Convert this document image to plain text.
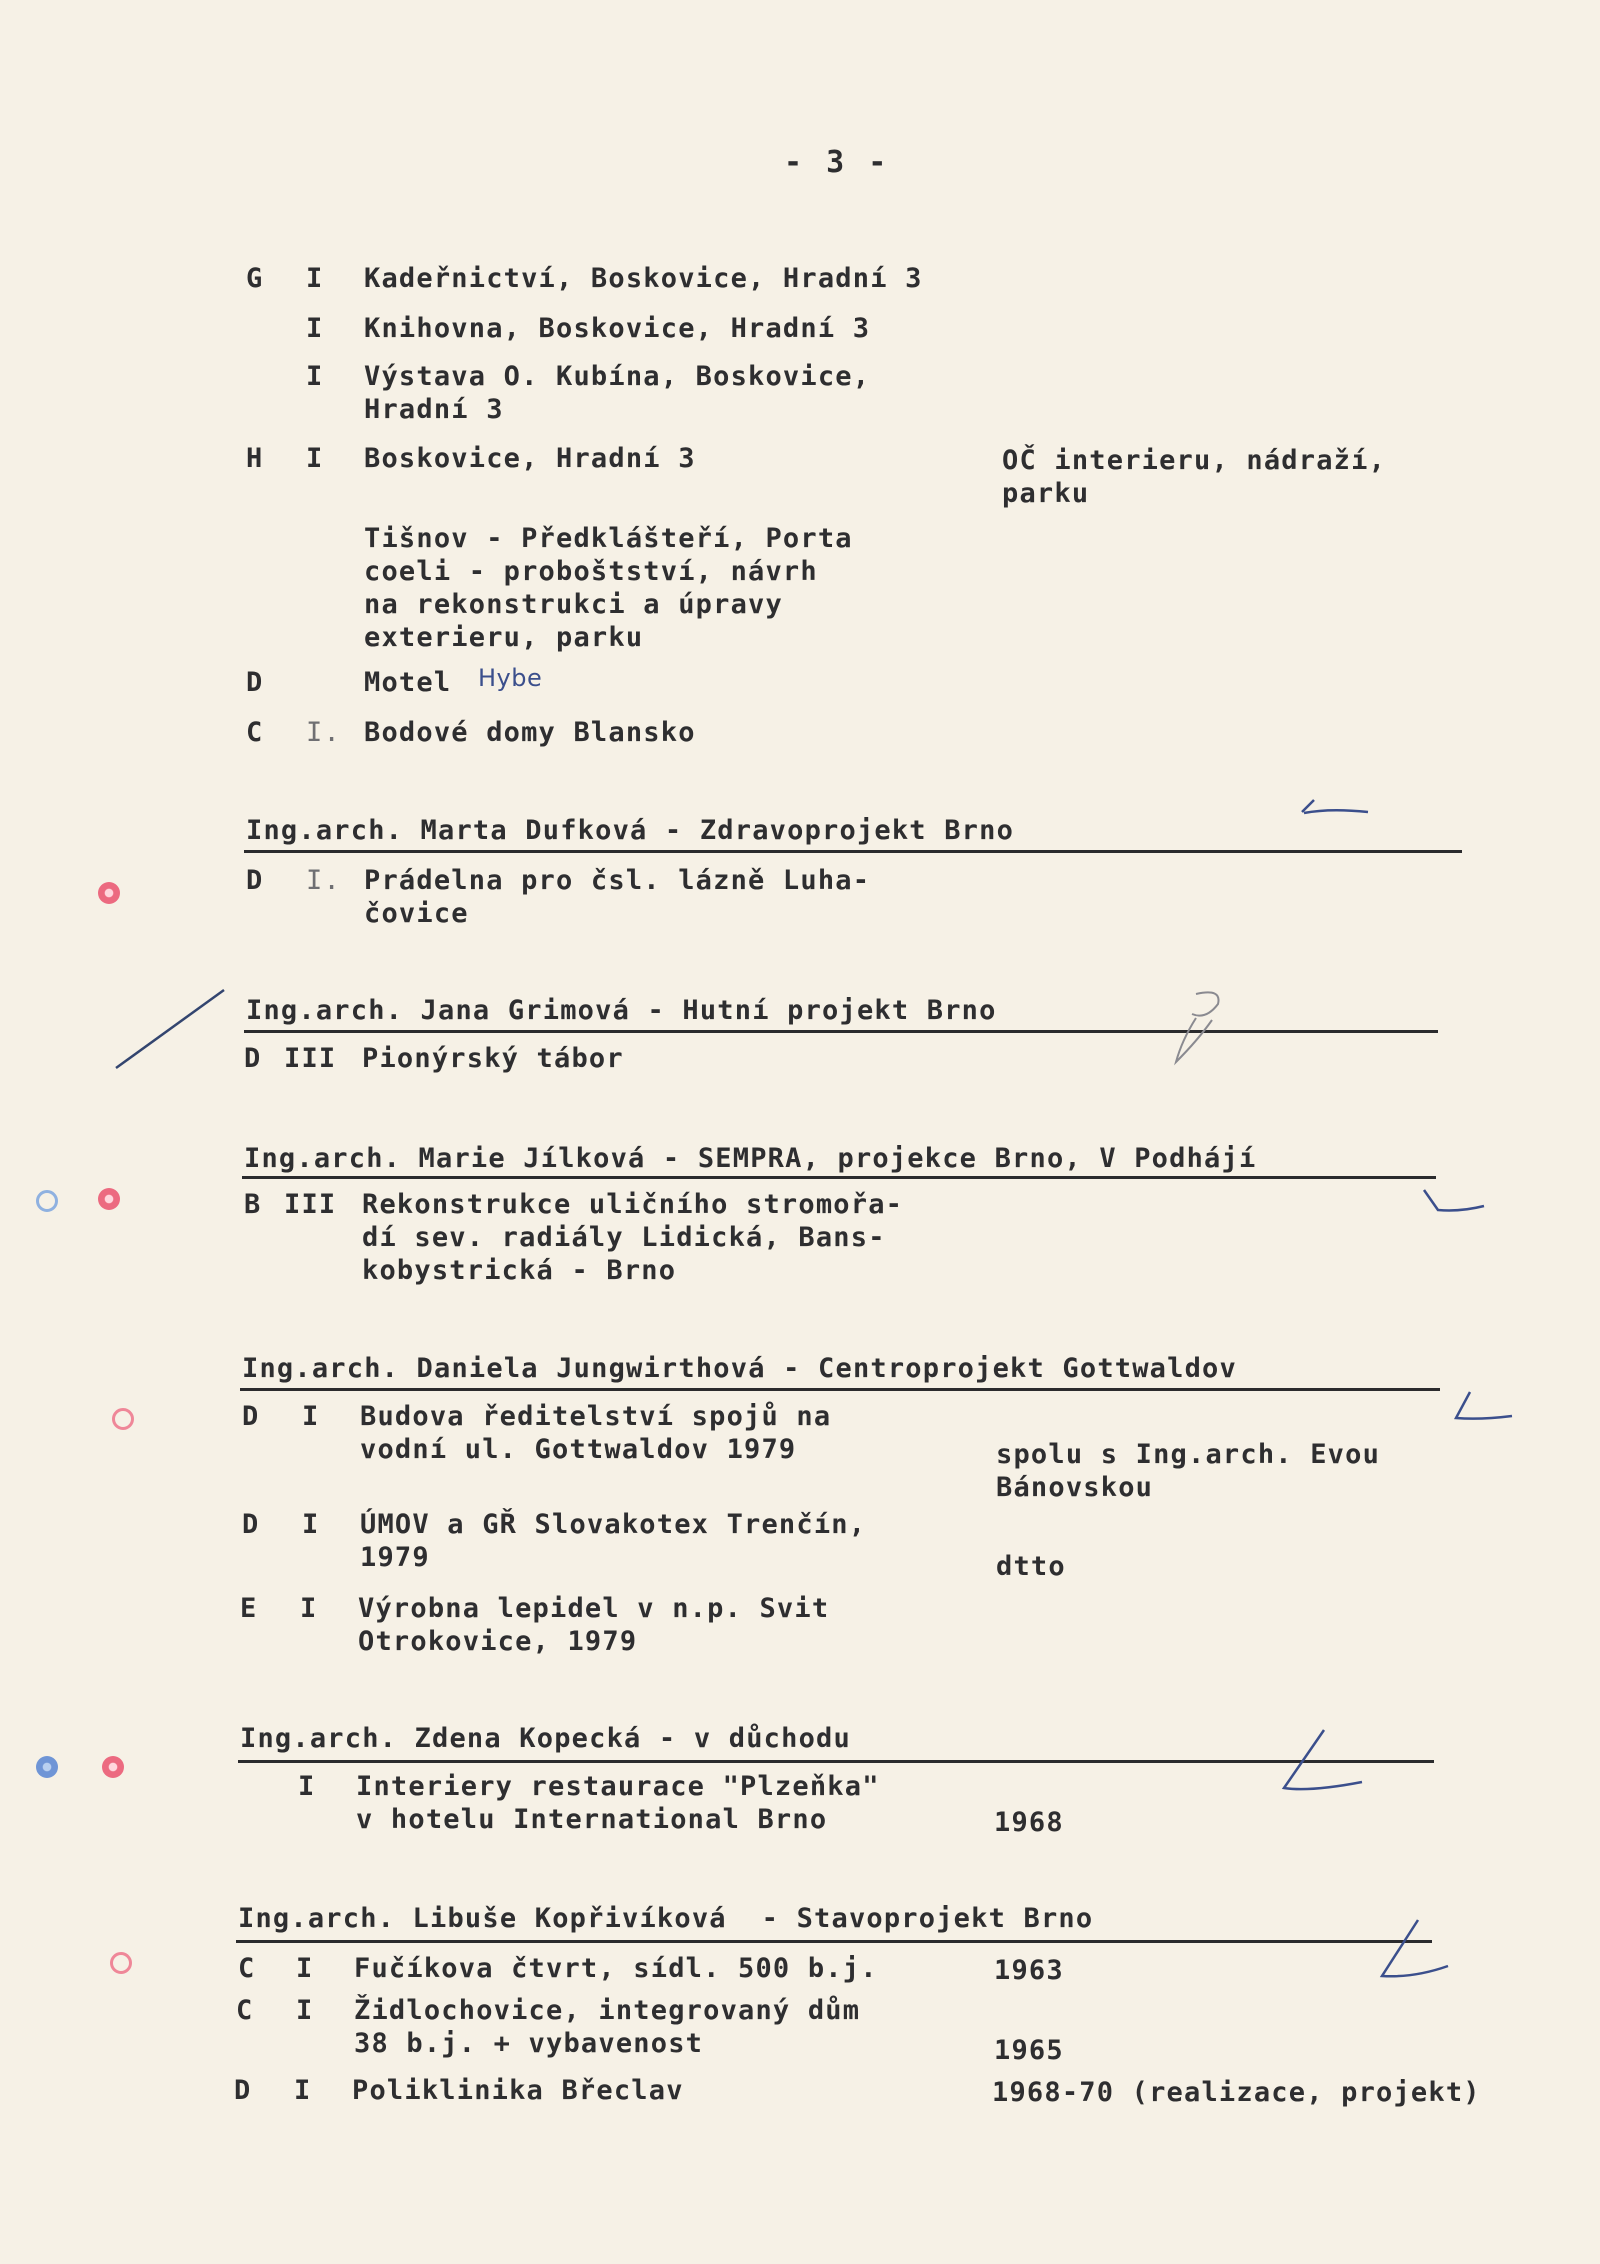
- 3 -
G I Kadeřnictví, Boskovice, Hradní 3
I Knihovna, Boskovice, Hradní 3
I Výstava O. Kubína, Boskovice,
Hradní 3
H I Boskovice, Hradní 3	OČ interieru, nádraží,
parku
Tišnov - Předklášteří, Porta
coeli - proboštství, návrh
na rekonstrukci a úpravy
exterieru, parku
D	Motel Hybe
C I. Bodové domy Blansko
Ing.arch. Marta Dufková - Zdravoprojekt Brno
D I. Prádelna pro čsl. lázně Luha-
čovice
Ing.arch. Jana Grimová - Hutní projekt Brno
D III Pionýrský tábor
Ing.arch. Marie Jílková - SEMPRA, projekce Brno, V Podhájí
B III Rekonstrukce uličního stromořa-
dí sev. radiály Lidická, Bans-
kobystrická - Brno
Ing.arch. Daniela Jungwirthová - Centroprojekt Gottwaldov
D I Budova ředitelství spojů na
vodní ul. Gottwaldov 1979	spolu s Ing.arch. Evou
Bánovskou
D I ÚMOV a GŘ Slovakotex Trenčín,
1979	dtto
E I Výrobna lepidel v n.p. Svit
Otrokovice, 1979
Ing.arch. Zdena Kopecká - v důchodu
I Interiery restaurace "Plzeňka"
v hotelu International Brno	1968
Ing.arch. Libuše Kopřivíková  - Stavoprojekt Brno
C I Fučíkova čtvrt, sídl. 500 b.j.	1963
C I Židlochovice, integrovaný dům
38 b.j. + vybavenost	1965
D I Poliklinika Břeclav	1968-70 (realizace, projekt)
